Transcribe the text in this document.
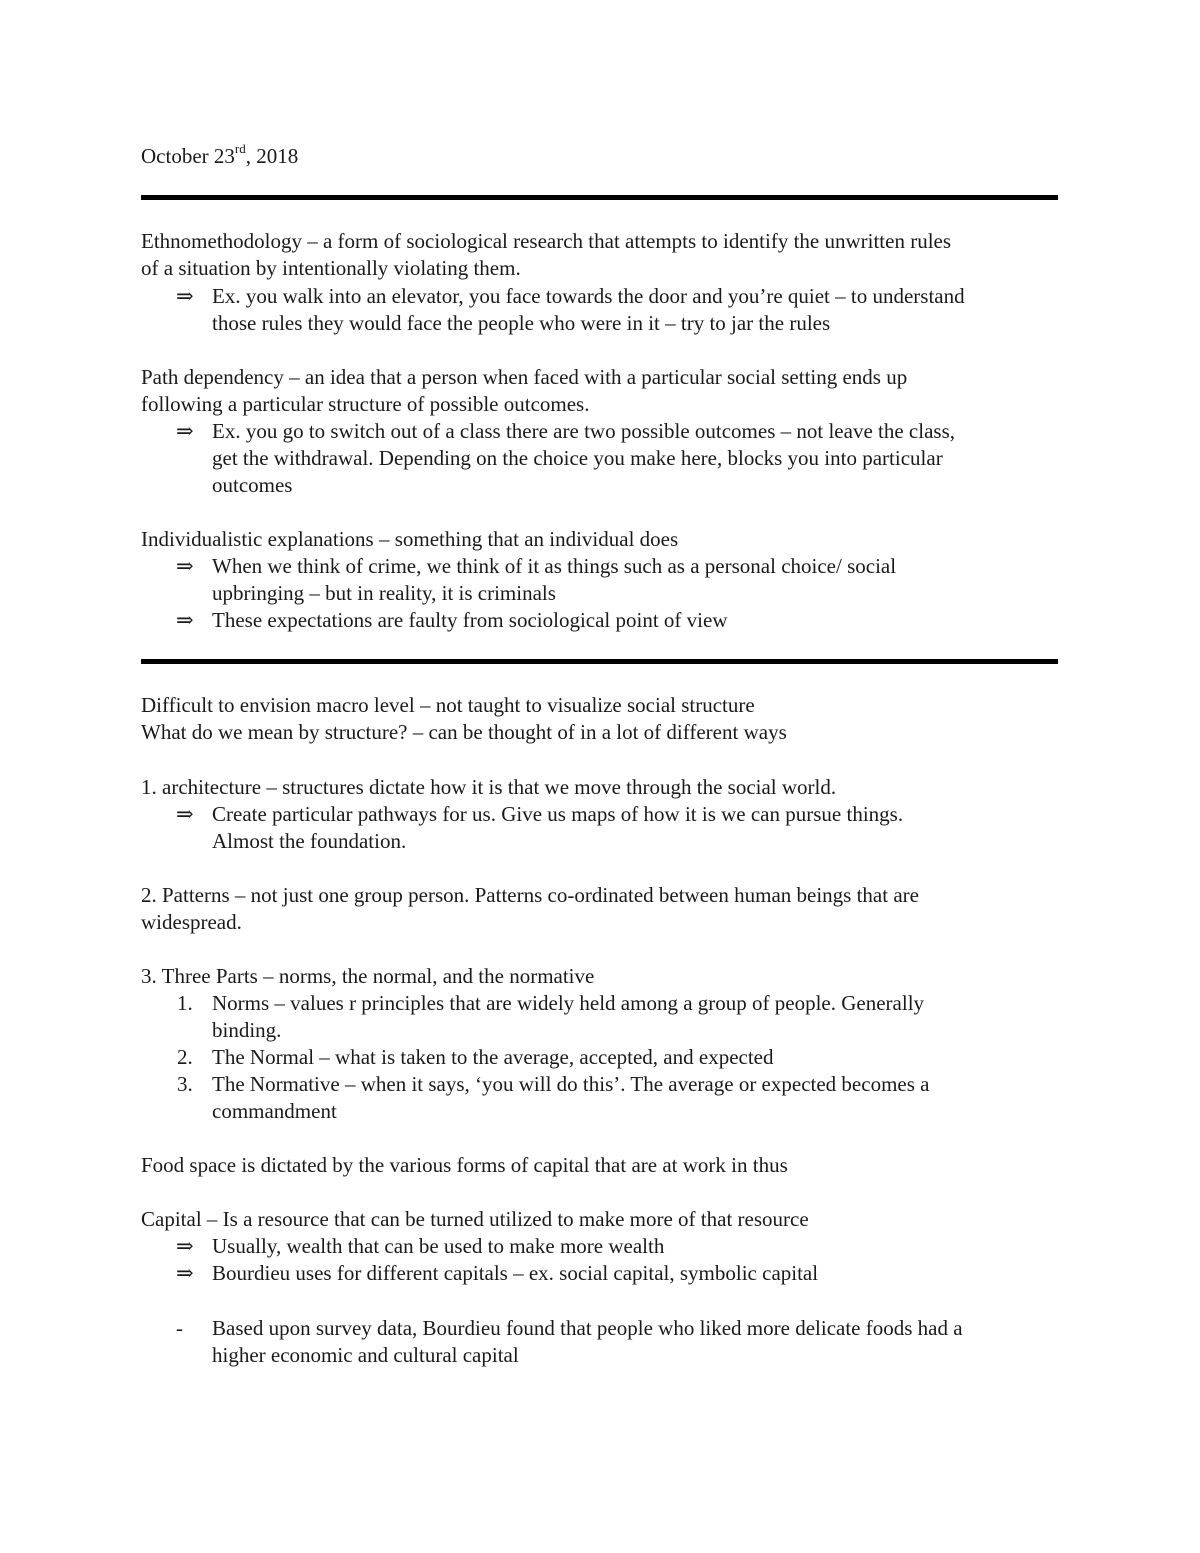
October 23rd, 2018
Ethnomethodology – a form of sociological research that attempts to identify the unwritten rules
of a situation by intentionally violating them.
⇒ Ex. you walk into an elevator, you face towards the door and you’re quiet – to understand
those rules they would face the people who were in it – try to jar the rules
Path dependency – an idea that a person when faced with a particular social setting ends up
following a particular structure of possible outcomes.
⇒ Ex. you go to switch out of a class there are two possible outcomes – not leave the class,
get the withdrawal. Depending on the choice you make here, blocks you into particular
outcomes
Individualistic explanations – something that an individual does
⇒ When we think of crime, we think of it as things such as a personal choice/ social
upbringing – but in reality, it is criminals
⇒ These expectations are faulty from sociological point of view
Difficult to envision macro level – not taught to visualize social structure
What do we mean by structure? – can be thought of in a lot of different ways
1. architecture – structures dictate how it is that we move through the social world.
⇒ Create particular pathways for us. Give us maps of how it is we can pursue things.
Almost the foundation.
2. Patterns – not just one group person. Patterns co-ordinated between human beings that are
widespread.
3. Three Parts – norms, the normal, and the normative
1. Norms – values r principles that are widely held among a group of people. Generally
binding.
2. The Normal – what is taken to the average, accepted, and expected
3. The Normative – when it says, ‘you will do this’. The average or expected becomes a
commandment
Food space is dictated by the various forms of capital that are at work in thus
Capital – Is a resource that can be turned utilized to make more of that resource
⇒ Usually, wealth that can be used to make more wealth
⇒ Bourdieu uses for different capitals – ex. social capital, symbolic capital
-	Based upon survey data, Bourdieu found that people who liked more delicate foods had a
higher economic and cultural capital
